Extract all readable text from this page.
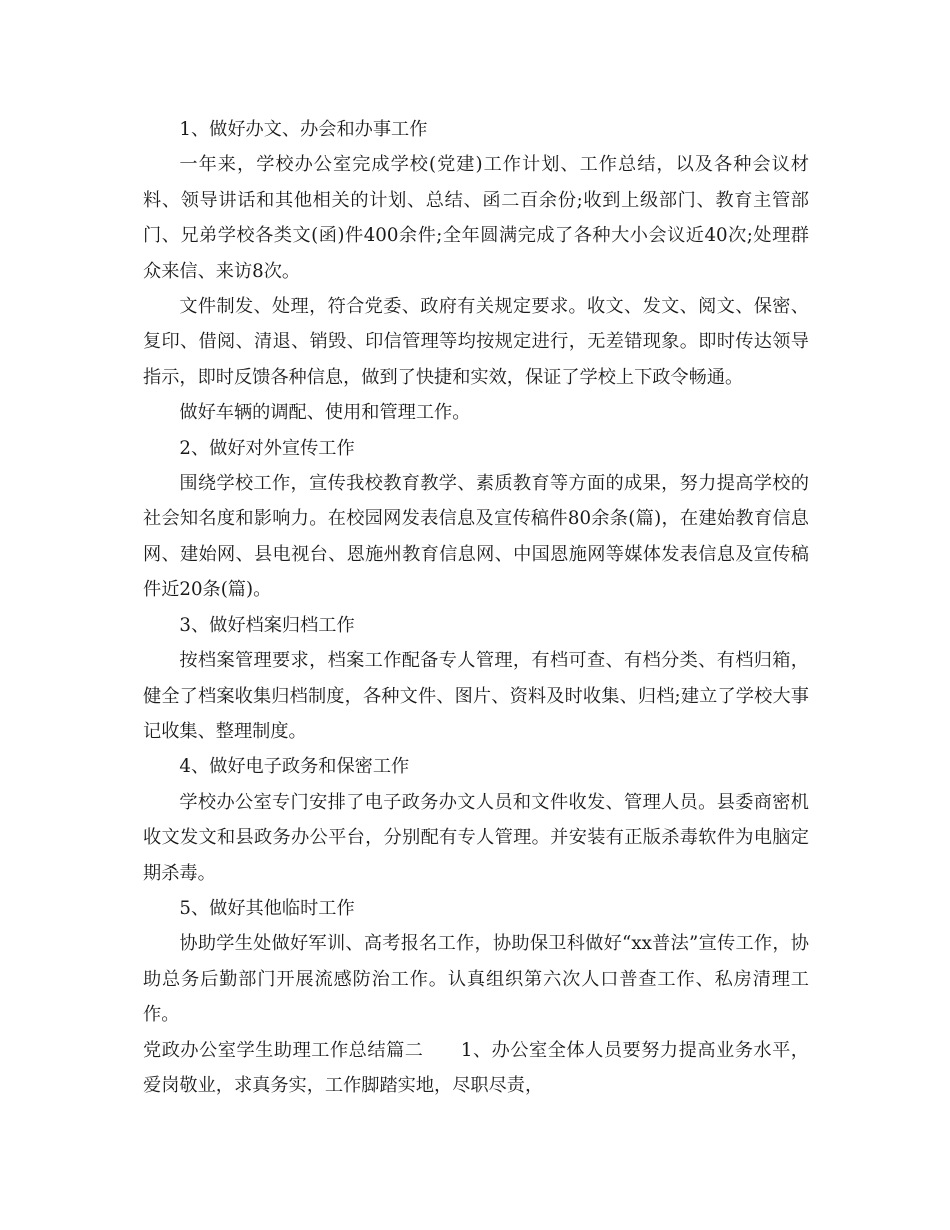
1、做好办文、办会和办事工作

一年来，学校办公室完成学校(党建)工作计划、工作总结，以及各种会议材料、领导讲话和其他相关的计划、总结、函二百余份;收到上级部门、教育主管部门、兄弟学校各类文(函)件400余件;全年圆满完成了各种大小会议近40次;处理群众来信、来访8次。

文件制发、处理，符合党委、政府有关规定要求。收文、发文、阅文、保密、复印、借阅、清退、销毁、印信管理等均按规定进行，无差错现象。即时传达领导指示，即时反馈各种信息，做到了快捷和实效，保证了学校上下政令畅通。

做好车辆的调配、使用和管理工作。

2、做好对外宣传工作

围绕学校工作，宣传我校教育教学、素质教育等方面的成果，努力提高学校的社会知名度和影响力。在校园网发表信息及宣传稿件80余条(篇)，在建始教育信息网、建始网、县电视台、恩施州教育信息网、中国恩施网等媒体发表信息及宣传稿件近20条(篇)。

3、做好档案归档工作

按档案管理要求，档案工作配备专人管理，有档可查、有档分类、有档归箱，健全了档案收集归档制度，各种文件、图片、资料及时收集、归档;建立了学校大事记收集、整理制度。

4、做好电子政务和保密工作

学校办公室专门安排了电子政务办文人员和文件收发、管理人员。县委商密机收文发文和县政务办公平台，分别配有专人管理。并安装有正版杀毒软件为电脑定期杀毒。

5、做好其他临时工作

协助学生处做好军训、高考报名工作，协助保卫科做好“xx普法”宣传工作，协助总务后勤部门开展流感防治工作。认真组织第六次人口普查工作、私房清理工作。

党政办公室学生助理工作总结篇二　　1、办公室全体人员要努力提高业务水平，爱岗敬业，求真务实，工作脚踏实地，尽职尽责，
